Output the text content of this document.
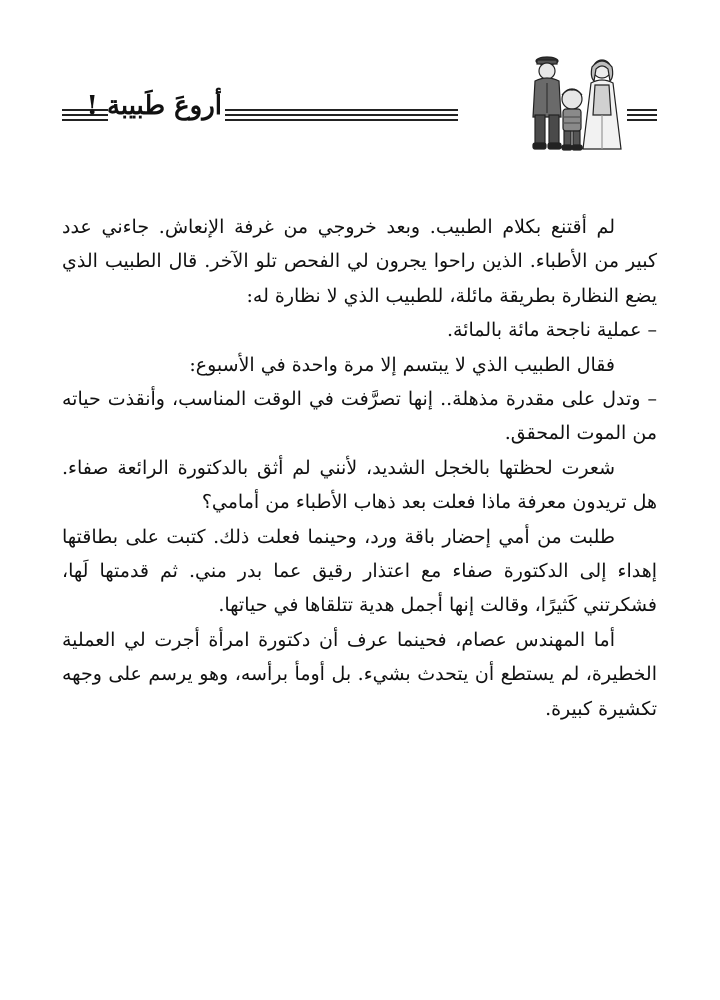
أروعَ طَبيبة !

لم أقتنع بكلام الطبيب. وبعد خروجي من غرفة الإنعاش. جاءني عدد كبير من الأطباء. الذين راحوا يجرون لي الفحص تلو الآخر. قال الطبيب الذي يضع النظارة بطريقة مائلة، للطبيب الذي لا نظارة له:

– عملية ناجحة مائة بالمائة.

فقال الطبيب الذي لا يبتسم إلا مرة واحدة في الأسبوع:

– وتدل على مقدرة مذهلة.. إنها تصرَّفت في الوقت المناسب، وأنقذت حياته من الموت المحقق.

شعرت لحظتها بالخجل الشديد، لأنني لم أثق بالدكتورة الرائعة صفاء. هل تريدون معرفة ماذا فعلت بعد ذهاب الأطباء من أمامي؟

طلبت من أمي إحضار باقة ورد، وحينما فعلت ذلك. كتبت على بطاقتها إهداء إلى الدكتورة صفاء مع اعتذار رقيق عما بدر مني. ثم قدمتها لَها، فشكرتني كَثيرًا، وقالت إنها أجمل هدية تتلقاها في حياتها.

أما المهندس عصام، فحينما عرف أن دكتورة امرأة أجرت لي العملية الخطيرة، لم يستطع أن يتحدث بشيء. بل أومأ برأسه، وهو يرسم على وجهه تكشيرة كبيرة.
